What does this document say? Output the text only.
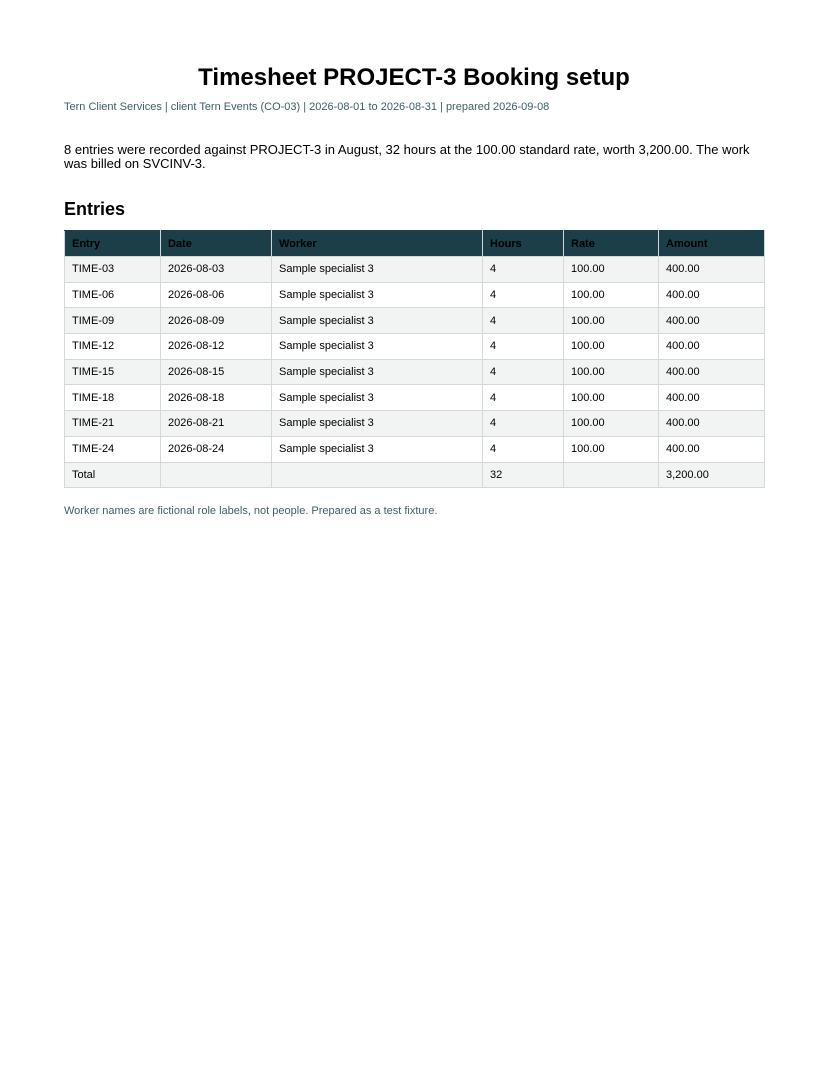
Timesheet PROJECT-3 Booking setup
Tern Client Services | client Tern Events (CO-03) | 2026-08-01 to 2026-08-31 | prepared 2026-09-08

8 entries were recorded against PROJECT-3 in August, 32 hours at the 100.00 standard rate, worth 3,200.00. The work was billed on SVCINV-3.

Entries
Entry	Date	Worker	Hours	Rate	Amount
TIME-03	2026-08-03	Sample specialist 3	4	100.00	400.00
TIME-06	2026-08-06	Sample specialist 3	4	100.00	400.00
TIME-09	2026-08-09	Sample specialist 3	4	100.00	400.00
TIME-12	2026-08-12	Sample specialist 3	4	100.00	400.00
TIME-15	2026-08-15	Sample specialist 3	4	100.00	400.00
TIME-18	2026-08-18	Sample specialist 3	4	100.00	400.00
TIME-21	2026-08-21	Sample specialist 3	4	100.00	400.00
TIME-24	2026-08-24	Sample specialist 3	4	100.00	400.00
Total			32		3,200.00
Worker names are fictional role labels, not people. Prepared as a test fixture.
